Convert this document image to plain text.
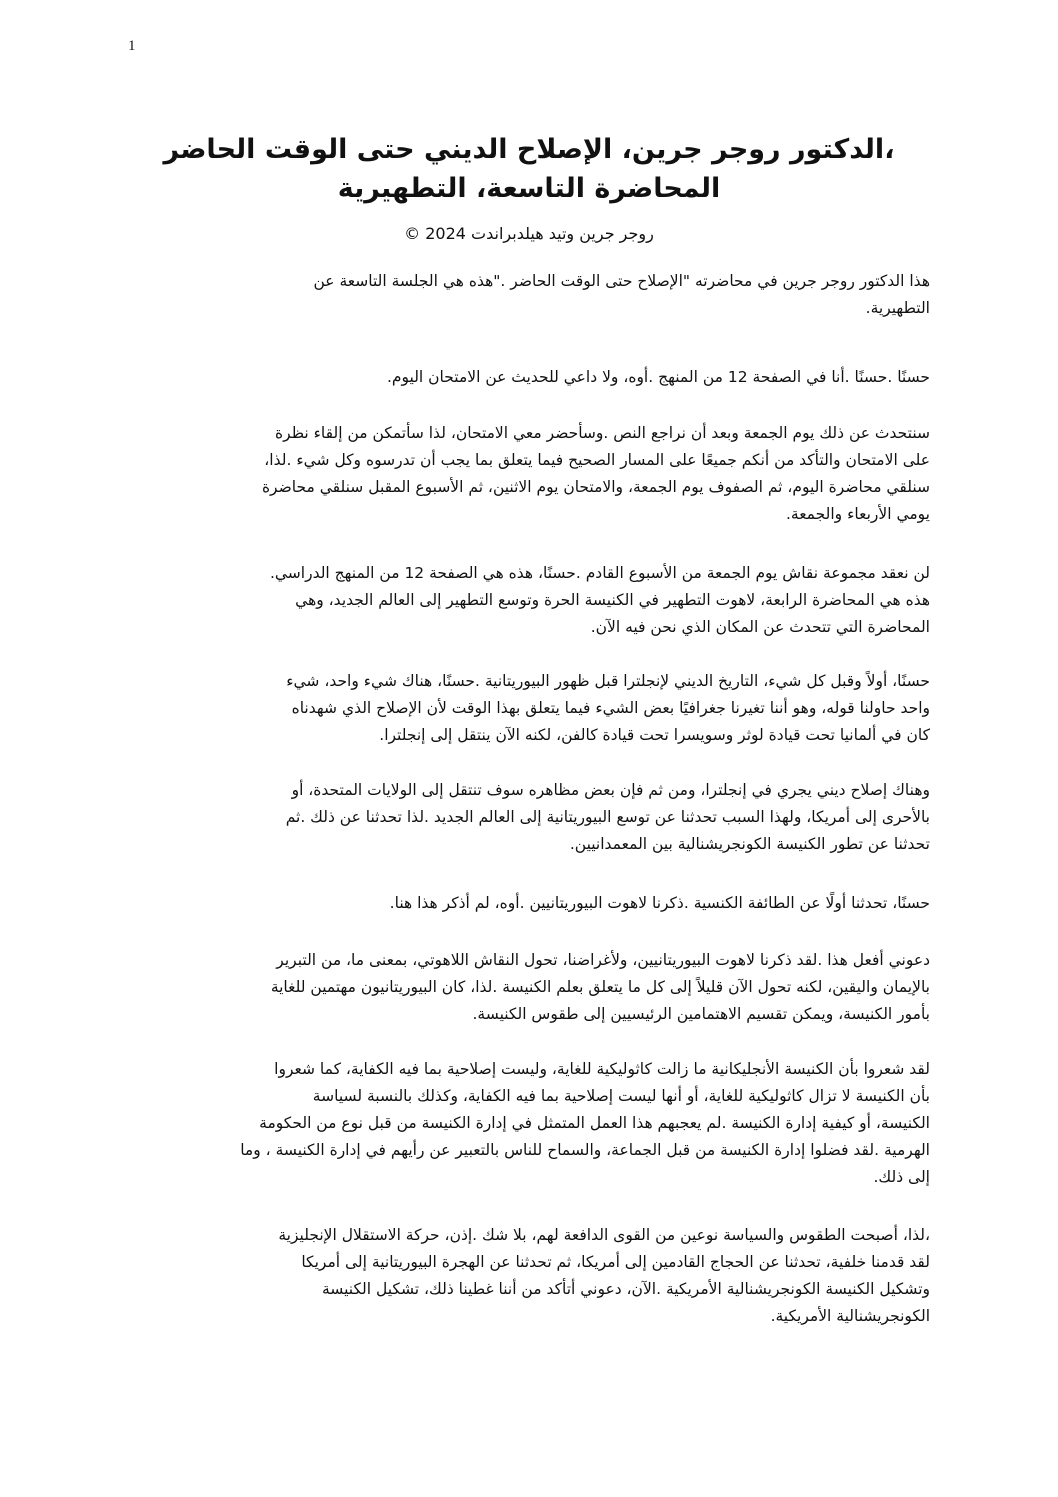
1
،الدكتور روجر جرين، الإصلاح الديني حتى الوقت الحاضر
المحاضرة التاسعة، التطهيرية
روجر جرين وتيد هيلدبراندت 2024 ©
هذا الدكتور روجر جرين في محاضرته "الإصلاح حتى الوقت الحاضر ."هذه هي الجلسة التاسعة عن
التطهيرية.
حسنًا .حسنًا .أنا في الصفحة 12 من المنهج .أوه، ولا داعي للحديث عن الامتحان اليوم.
سنتحدث عن ذلك يوم الجمعة وبعد أن نراجع النص .وسأحضر معي الامتحان، لذا سأتمكن من إلقاء نظرة
على الامتحان والتأكد من أنكم جميعًا على المسار الصحيح فيما يتعلق بما يجب أن تدرسوه وكل شيء .لذا،
سنلقي محاضرة اليوم، ثم الصفوف يوم الجمعة، والامتحان يوم الاثنين، ثم الأسبوع المقبل سنلقي محاضرة
يومي الأربعاء والجمعة.
لن نعقد مجموعة نقاش يوم الجمعة من الأسبوع القادم .حسنًا، هذه هي الصفحة 12 من المنهج الدراسي.
هذه هي المحاضرة الرابعة، لاهوت التطهير في الكنيسة الحرة وتوسع التطهير إلى العالم الجديد، وهي
المحاضرة التي تتحدث عن المكان الذي نحن فيه الآن.
حسنًا، أولاً وقبل كل شيء، التاريخ الديني لإنجلترا قبل ظهور البيوريتانية .حسنًا، هناك شيء واحد، شيء
واحد حاولنا قوله، وهو أننا تغيرنا جغرافيًا بعض الشيء فيما يتعلق بهذا الوقت لأن الإصلاح الذي شهدناه
كان في ألمانيا تحت قيادة لوثر وسويسرا تحت قيادة كالفن، لكنه الآن ينتقل إلى إنجلترا.
وهناك إصلاح ديني يجري في إنجلترا، ومن ثم فإن بعض مظاهره سوف تنتقل إلى الولايات المتحدة، أو
بالأحرى إلى أمريكا، ولهذا السبب تحدثنا عن توسع البيوريتانية إلى العالم الجديد .لذا تحدثنا عن ذلك .ثم
تحدثنا عن تطور الكنيسة الكونجريشنالية بين المعمدانيين.
حسنًا، تحدثنا أولًا عن الطائفة الكنسية .ذكرنا لاهوت البيوريتانيين .أوه، لم أذكر هذا هنا.
دعوني أفعل هذا .لقد ذكرنا لاهوت البيوريتانيين، ولأغراضنا، تحول النقاش اللاهوتي، بمعنى ما، من التبرير
بالإيمان واليقين، لكنه تحول الآن قليلاً إلى كل ما يتعلق بعلم الكنيسة .لذا، كان البيوريتانيون مهتمين للغاية
بأمور الكنيسة، ويمكن تقسيم الاهتمامين الرئيسيين إلى طقوس الكنيسة.
لقد شعروا بأن الكنيسة الأنجليكانية ما زالت كاثوليكية للغاية، وليست إصلاحية بما فيه الكفاية، كما شعروا
بأن الكنيسة لا تزال كاثوليكية للغاية، أو أنها ليست إصلاحية بما فيه الكفاية، وكذلك بالنسبة لسياسة
الكنيسة، أو كيفية إدارة الكنيسة .لم يعجبهم هذا العمل المتمثل في إدارة الكنيسة من قبل نوع من الحكومة
الهرمية .لقد فضلوا إدارة الكنيسة من قبل الجماعة، والسماح للناس بالتعبير عن رأيهم في إدارة الكنيسة ، وما
إلى ذلك.
،لذا، أصبحت الطقوس والسياسة نوعين من القوى الدافعة لهم، بلا شك .إذن، حركة الاستقلال الإنجليزية
لقد قدمنا خلفية، تحدثنا عن الحجاج القادمين إلى أمريكا، ثم تحدثنا عن الهجرة البيوريتانية إلى أمريكا
وتشكيل الكنيسة الكونجريشنالية الأمريكية .الآن، دعوني أتأكد من أننا غطينا ذلك، تشكيل الكنيسة
الكونجريشنالية الأمريكية.
